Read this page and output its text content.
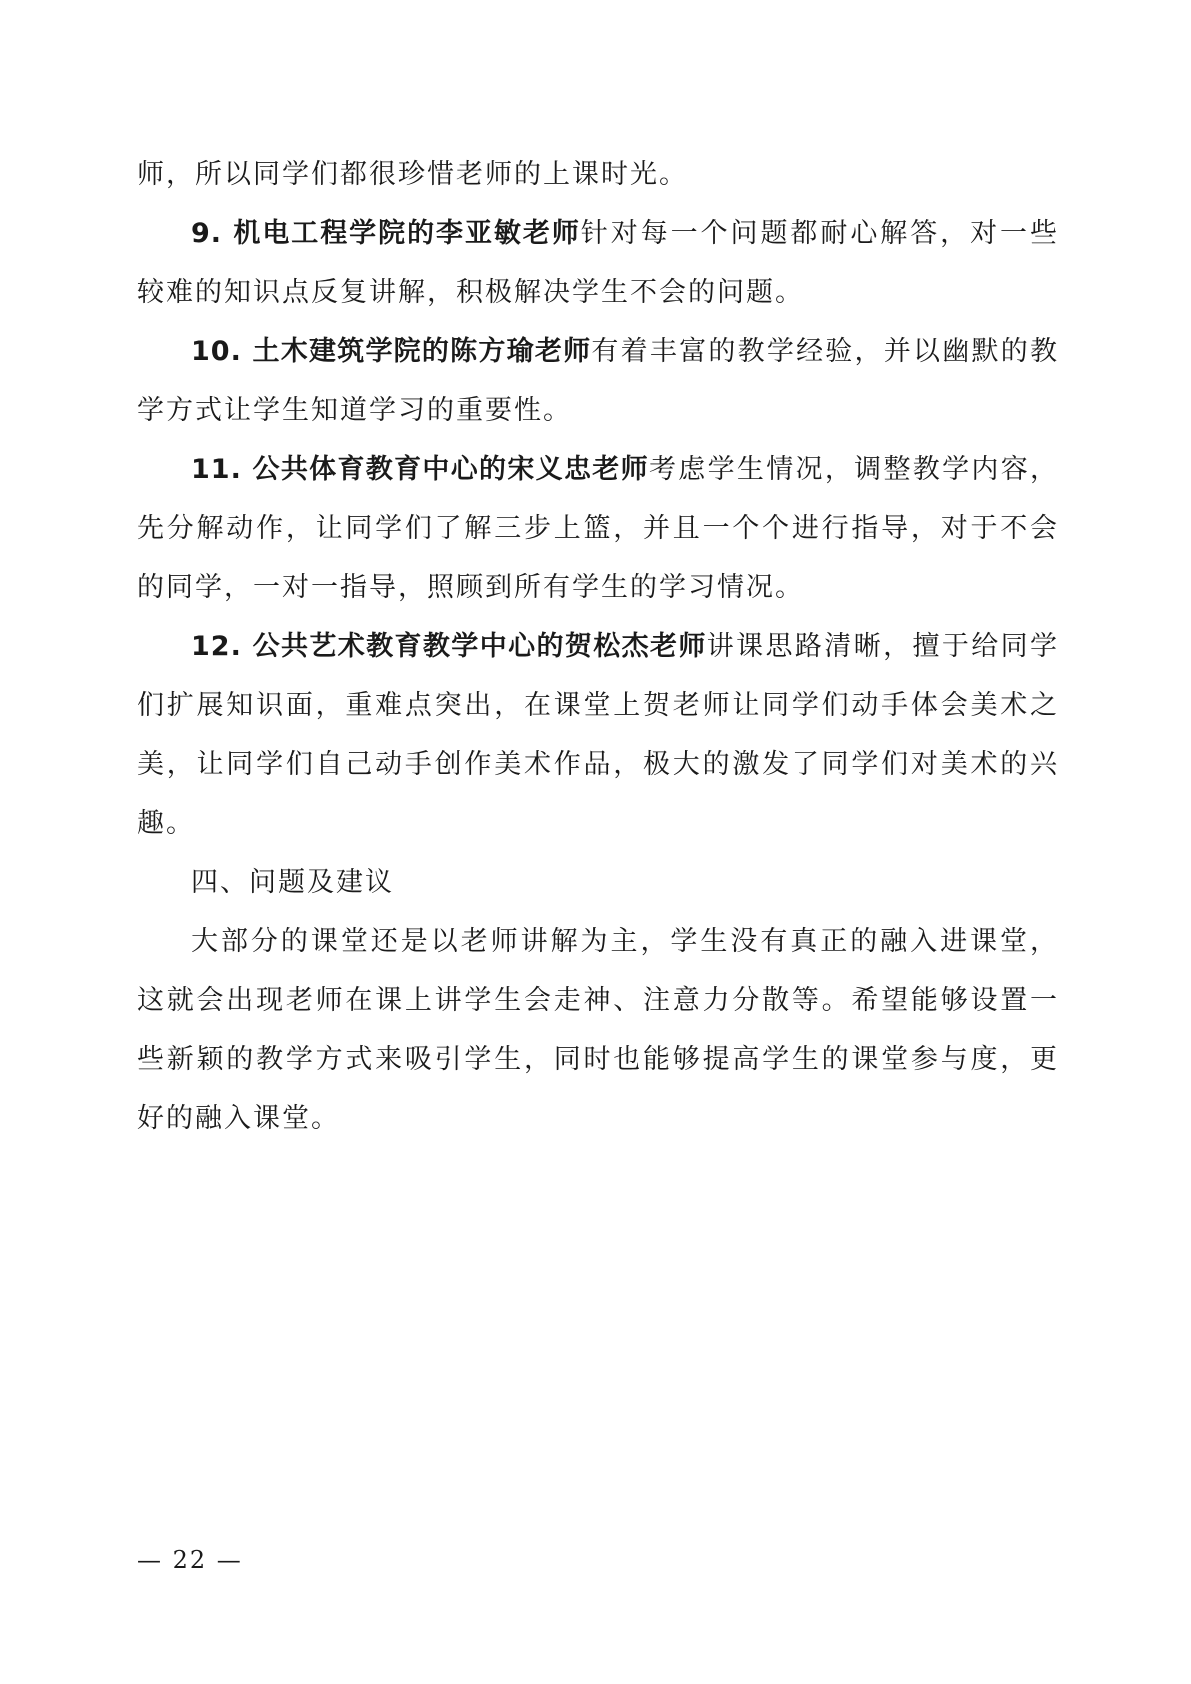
师，所以同学们都很珍惜老师的上课时光。

9. 机电工程学院的李亚敏老师针对每一个问题都耐心解答，对一些较难的知识点反复讲解，积极解决学生不会的问题。

10. 土木建筑学院的陈方瑜老师有着丰富的教学经验，并以幽默的教学方式让学生知道学习的重要性。

11. 公共体育教育中心的宋义忠老师考虑学生情况，调整教学内容，先分解动作，让同学们了解三步上篮，并且一个个进行指导，对于不会的同学，一对一指导，照顾到所有学生的学习情况。

12. 公共艺术教育教学中心的贺松杰老师讲课思路清晰，擅于给同学们扩展知识面，重难点突出，在课堂上贺老师让同学们动手体会美术之美，让同学们自己动手创作美术作品，极大的激发了同学们对美术的兴趣。

四、问题及建议

大部分的课堂还是以老师讲解为主，学生没有真正的融入进课堂，这就会出现老师在课上讲学生会走神、注意力分散等。希望能够设置一些新颖的教学方式来吸引学生，同时也能够提高学生的课堂参与度，更好的融入课堂。

— 22 —
